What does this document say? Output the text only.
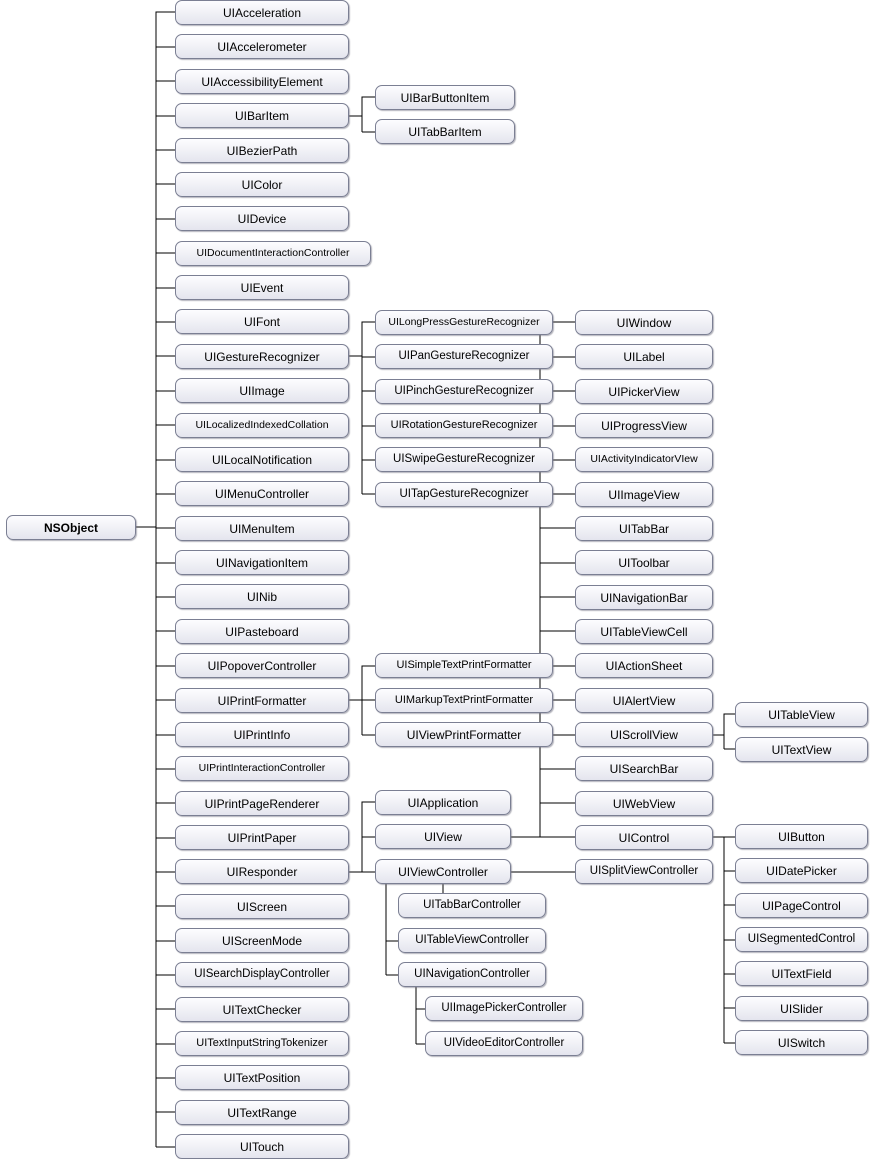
NSObject
UIAcceleration
UIAccelerometer
UIAccessibilityElement
UIBarItem
UIBezierPath
UIColor
UIDevice
UIDocumentInteractionController
UIEvent
UIFont
UIGestureRecognizer
UIImage
UILocalizedIndexedCollation
UILocalNotification
UIMenuController
UIMenuItem
UINavigationItem
UINib
UIPasteboard
UIPopoverController
UIPrintFormatter
UIPrintInfo
UIPrintInteractionController
UIPrintPageRenderer
UIPrintPaper
UIResponder
UIScreen
UIScreenMode
UISearchDisplayController
UITextChecker
UITextInputStringTokenizer
UITextPosition
UITextRange
UITouch
UIBarButtonItem
UITabBarItem
UILongPressGestureRecognizer
UIPanGestureRecognizer
UIPinchGestureRecognizer
UIRotationGestureRecognizer
UISwipeGestureRecognizer
UITapGestureRecognizer
UISimpleTextPrintFormatter
UIMarkupTextPrintFormatter
UIViewPrintFormatter
UIApplication
UIView
UIViewController
UITabBarController
UITableViewController
UINavigationController
UIImagePickerController
UIVideoEditorController
UIWindow
UILabel
UIPickerView
UIProgressView
UIActivityIndicatorVIew
UIImageView
UITabBar
UIToolbar
UINavigationBar
UITableViewCell
UIActionSheet
UIAlertView
UIScrollView
UISearchBar
UIWebView
UIControl
UISplitViewController
UITableView
UITextView
UIButton
UIDatePicker
UIPageControl
UISegmentedControl
UITextField
UISlider
UISwitch
